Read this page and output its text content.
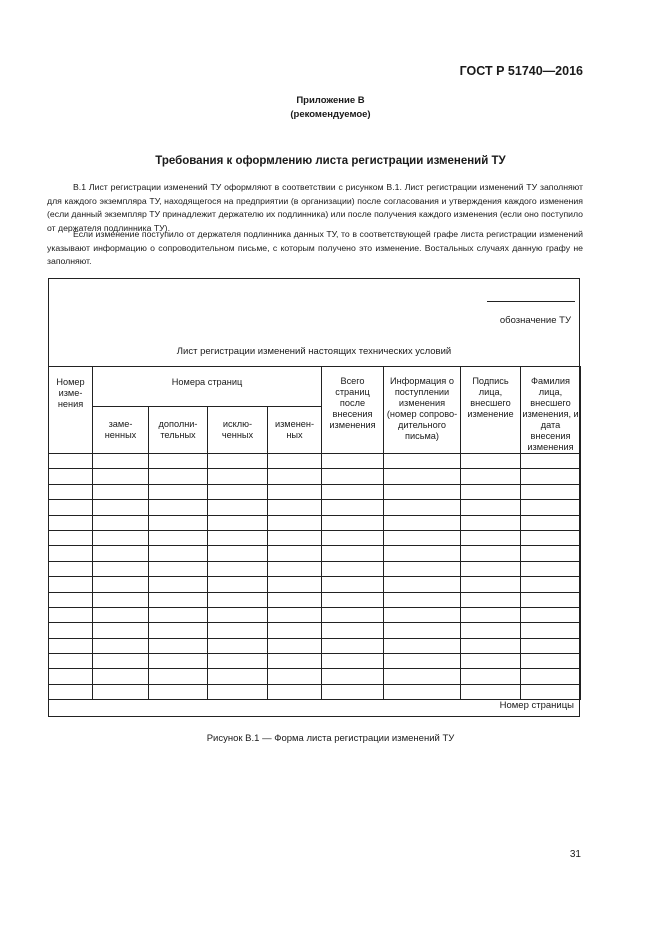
ГОСТ Р 51740—2016
Приложение В
(рекомендуемое)
Требования к оформлению листа регистрации изменений ТУ

В.1 Лист регистрации изменений ТУ оформляют в соответствии с рисунком В.1. Лист регистрации изменений ТУ заполняют для каждого экземпляра ТУ, находящегося на предприятии (в организации) после согласования и утверждения каждого изменения (если данный экземпляр ТУ принадлежит держателю их подлинника) или после получения каждого изменения (если оно поступило от держателя подлинника ТУ).

Если изменение поступило от держателя подлинника данных ТУ, то в соответствующей графе листа регистрации изменений указывают информацию о сопроводительном письме, с которым получено это изменение. Востальных случаях данную графу не заполняют.

обозначение ТУ
Лист регистрации изменений настоящих технических условий
Номер изме-нения	Номера страниц				Всего страниц после внесения изменения	Информация о поступлении изменения (номер сопрово-дительного письма)	Подпись лица, внесшего изменение	Фамилия лица, внесшего изменения, и дата внесения изменения
	заме-ненных	дополни-тельных	исклю-ченных	изменен-ных				

Номер страницы
Рисунок В.1 — Форма листа регистрации изменений ТУ
31
